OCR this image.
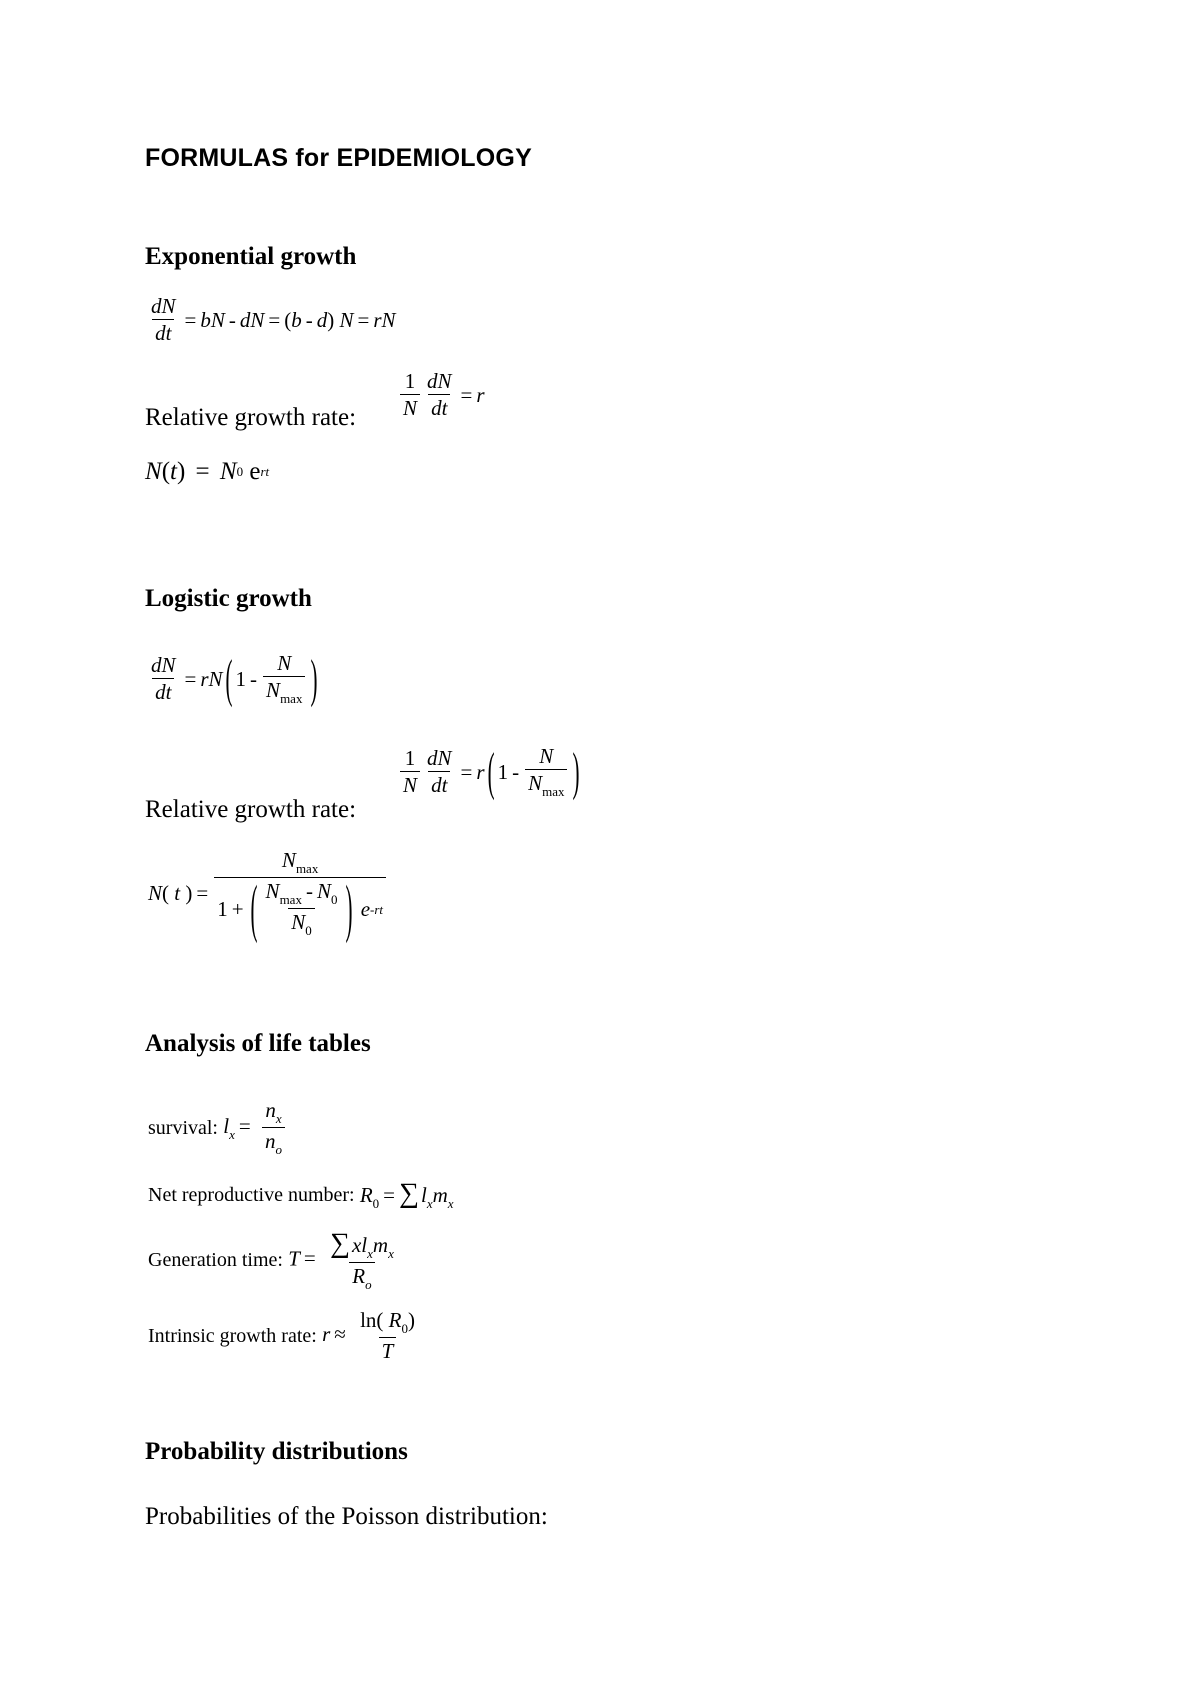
FORMULAS for EPIDEMIOLOGY
Exponential growth
$\frac{dN}{dt}$ = bN - dN = ( b - d ) N = rN
Relative growth rate: $\frac{1}{N} \frac{dN}{dt} = r$
N ( t ) = N 0
e rt
Logistic growth
$\frac{dN}{dt}$ = rN ( $1 - \frac{N}{N_{max}}$ )
Relative growth rate:
$\frac{1}{N} \frac{dN}{dt} = r$ ( $1 - \frac{N}{N_{max}}$ )
N ( t ) =
$N_{max}$
1 + ( $\frac{N_{max} - N_0}{N_0}$ ) e -rt
Analysis of life tables
survival: $l_x = \frac{n_x}{n_o}$
Net reproductive number: $R_0 = \sum l_xm_x$
Generation time: $T = \frac{\sum xl_xm_x}{R_o}$
Intrinsic growth rate: $r \approx \frac{\ln( R_0)}{T}$
Probability distributions
Probabilities of the Poisson distribution:
